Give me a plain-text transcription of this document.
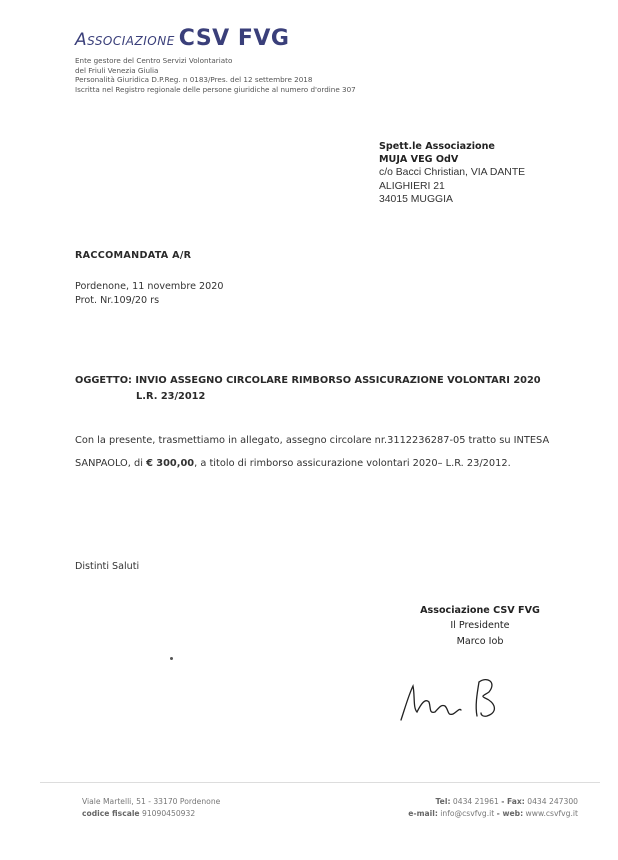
Associazione CSV FVG
Ente gestore del Centro Servizi Volontariato
del Friuli Venezia Giulia
Personalità Giuridica D.P.Reg. n 0183/Pres. del 12 settembre 2018
Iscritta nel Registro regionale delle persone giuridiche al numero d'ordine 307
Spett.le Associazione
MUJA VEG OdV
c/o Bacci Christian, VIA DANTE
ALIGHIERI 21
34015 MUGGIA
RACCOMANDATA A/R
Pordenone, 11 novembre 2020
Prot. Nr.109/20 rs
OGGETTO: INVIO ASSEGNO CIRCOLARE RIMBORSO ASSICURAZIONE VOLONTARI 2020
L.R. 23/2012
Con la presente, trasmettiamo in allegato, assegno circolare nr.3112236287-05 tratto su INTESA
SANPAOLO, di € 300,00, a titolo di rimborso assicurazione volontari 2020– L.R. 23/2012.
Distinti Saluti
Associazione CSV FVG
Il Presidente
Marco Iob
Viale Martelli, 51 - 33170 Pordenone
codice fiscale 91090450932
Tel: 0434 21961 - Fax: 0434 247300
e-mail: info@csvfvg.it - web: www.csvfvg.it
